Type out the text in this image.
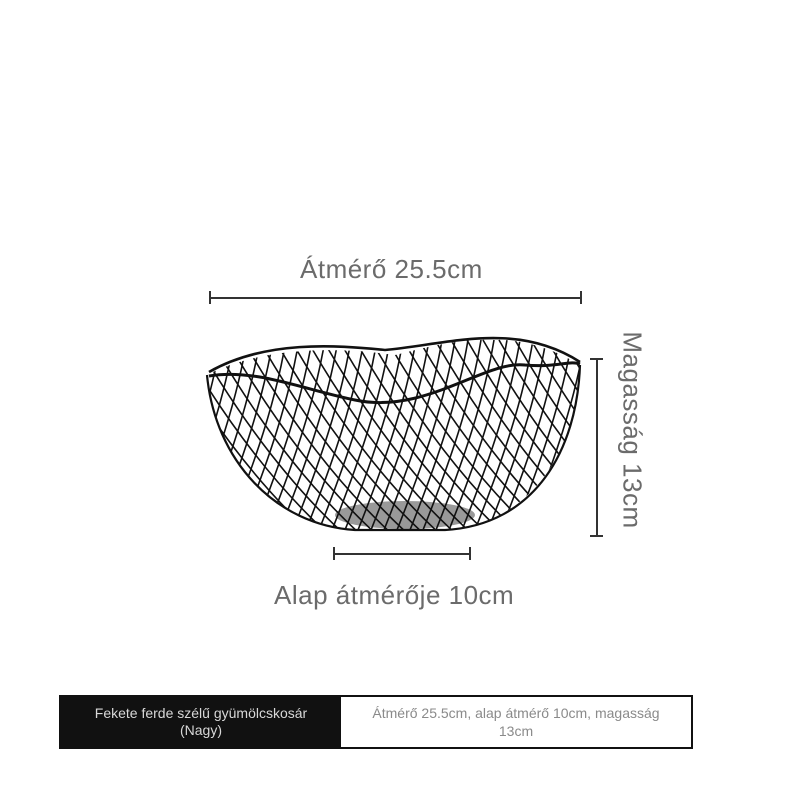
Átmérő 25.5cm
Magasság 13cm
Alap átmérője 10cm
Fekete ferde szélű gyümölcskosár (Nagy)
Átmérő 25.5cm, alap átmérő 10cm, magasság 13cm
